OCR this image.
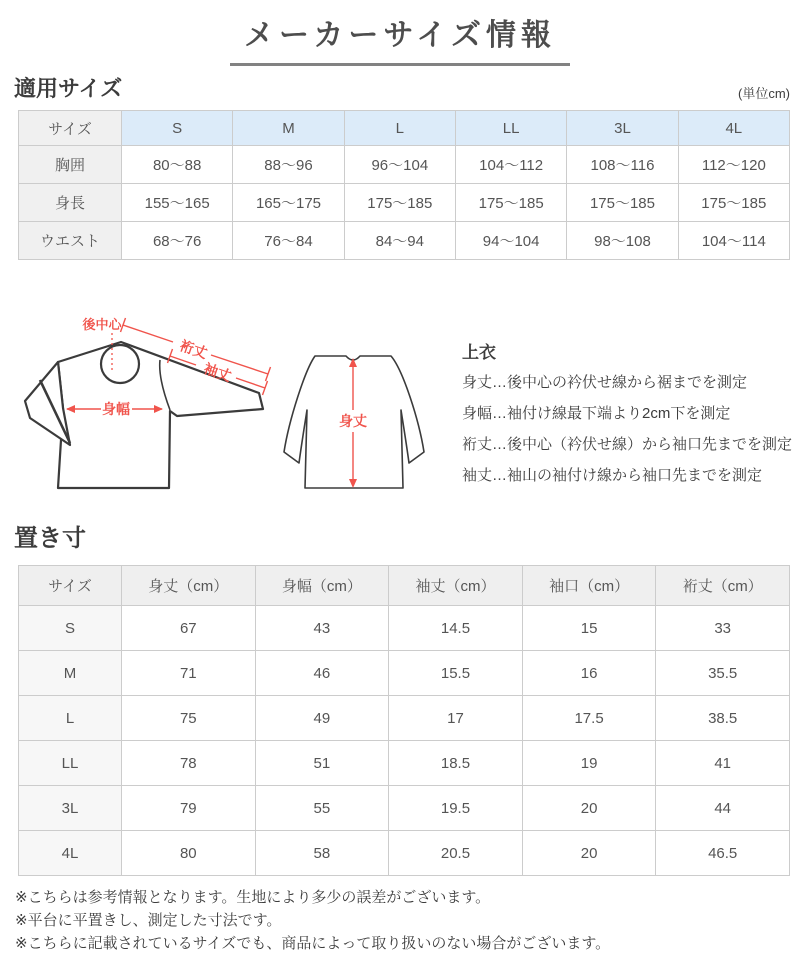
メーカーサイズ情報
適用サイズ	(単位cm)
サイズ	S	M	L	LL	3L	4L
胸囲	80〜88	88〜96	96〜104	104〜112	108〜116	112〜120
身長	155〜165	165〜175	175〜185	175〜185	175〜185	175〜185
ウエスト	68〜76	76〜84	84〜94	94〜104	98〜108	104〜114
後中心
裄丈
袖丈
身幅
身丈
上衣

身丈…後中心の衿伏せ線から裾までを測定

身幅…袖付け線最下端より2cm下を測定

裄丈…後中心（衿伏せ線）から袖口先までを測定

袖丈…袖山の袖付け線から袖口先までを測定

置き寸
サイズ	身丈（cm）	身幅（cm）	袖丈（cm）	袖口（cm）	裄丈（cm）
S	67	43	14.5	15	33
M	71	46	15.5	16	35.5
L	75	49	17	17.5	38.5
LL	78	51	18.5	19	41
3L	79	55	19.5	20	44
4L	80	58	20.5	20	46.5

※こちらは参考情報となります。生地により多少の誤差がございます。

※平台に平置きし、測定した寸法です。

※こちらに記載されているサイズでも、商品によって取り扱いのない場合がございます。
